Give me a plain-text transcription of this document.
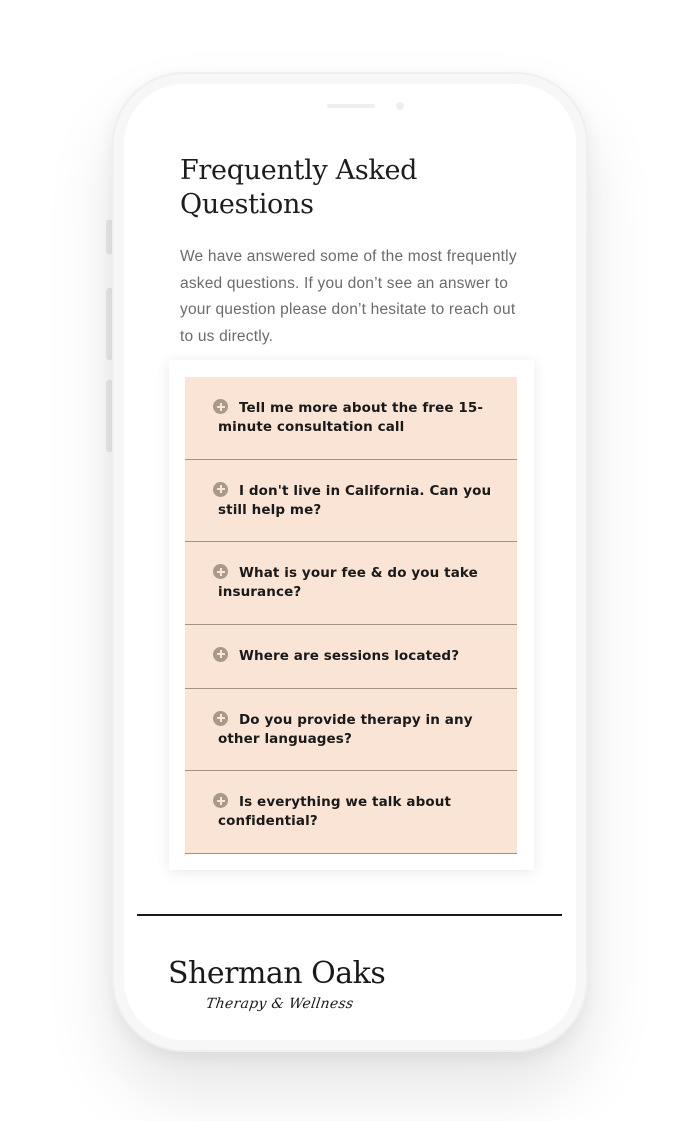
Frequently Asked Questions

We have answered some of the most frequently asked questions. If you don’t see an answer to your question please don’t hesitate to reach out to us directly.

Tell me more about the free 15-minute consultation call
I don't live in California. Can you still help me?
What is your fee & do you take insurance?
Where are sessions located?
Do you provide therapy in any other languages?
Is everything we talk about confidential?
Sherman Oaks
Therapy & Wellness
